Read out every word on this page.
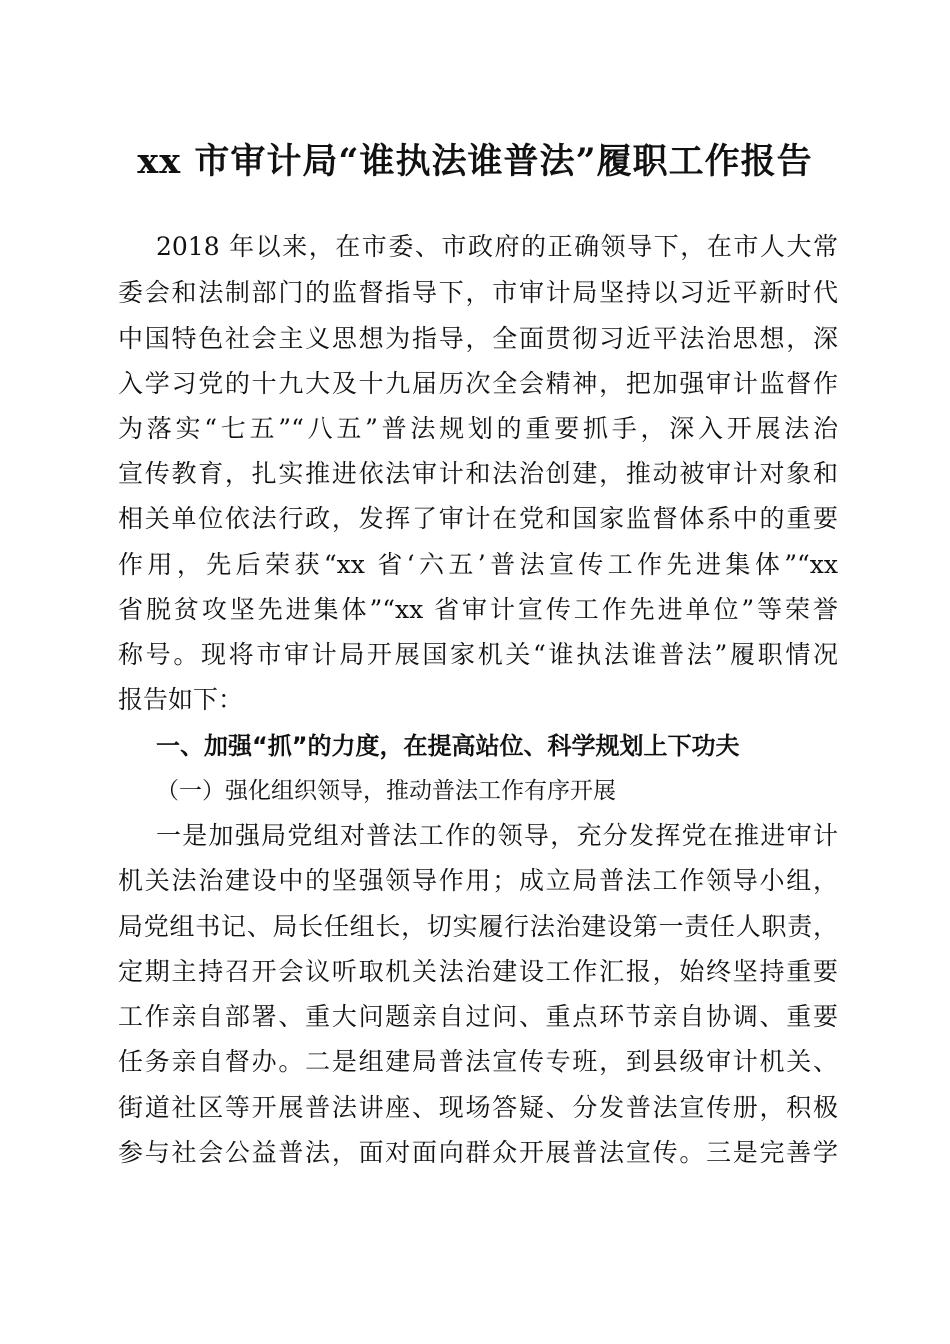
xx 市审计局“谁执法谁普法”履职工作报告
2018 年以来，在市委、市政府的正确领导下，在市人大常
委会和法制部门的监督指导下，市审计局坚持以习近平新时代
中国特色社会主义思想为指导，全面贯彻习近平法治思想，深
入学习党的十九大及十九届历次全会精神，把加强审计监督作
为落实“七五”“八五”普法规划的重要抓手，深入开展法治
宣传教育，扎实推进依法审计和法治创建，推动被审计对象和
相关单位依法行政，发挥了审计在党和国家监督体系中的重要
作用，先后荣获“xx 省‘六五’普法宣传工作先进集体”“xx
省脱贫攻坚先进集体”“xx 省审计宣传工作先进单位”等荣誉
称号。现将市审计局开展国家机关“谁执法谁普法”履职情况
报告如下：
一、加强“抓”的力度，在提高站位、科学规划上下功夫
（一）强化组织领导，推动普法工作有序开展
一是加强局党组对普法工作的领导，充分发挥党在推进审计
机关法治建设中的坚强领导作用；成立局普法工作领导小组，
局党组书记、局长任组长，切实履行法治建设第一责任人职责，
定期主持召开会议听取机关法治建设工作汇报，始终坚持重要
工作亲自部署、重大问题亲自过问、重点环节亲自协调、重要
任务亲自督办。二是组建局普法宣传专班，到县级审计机关、
街道社区等开展普法讲座、现场答疑、分发普法宣传册，积极
参与社会公益普法，面对面向群众开展普法宣传。三是完善学
